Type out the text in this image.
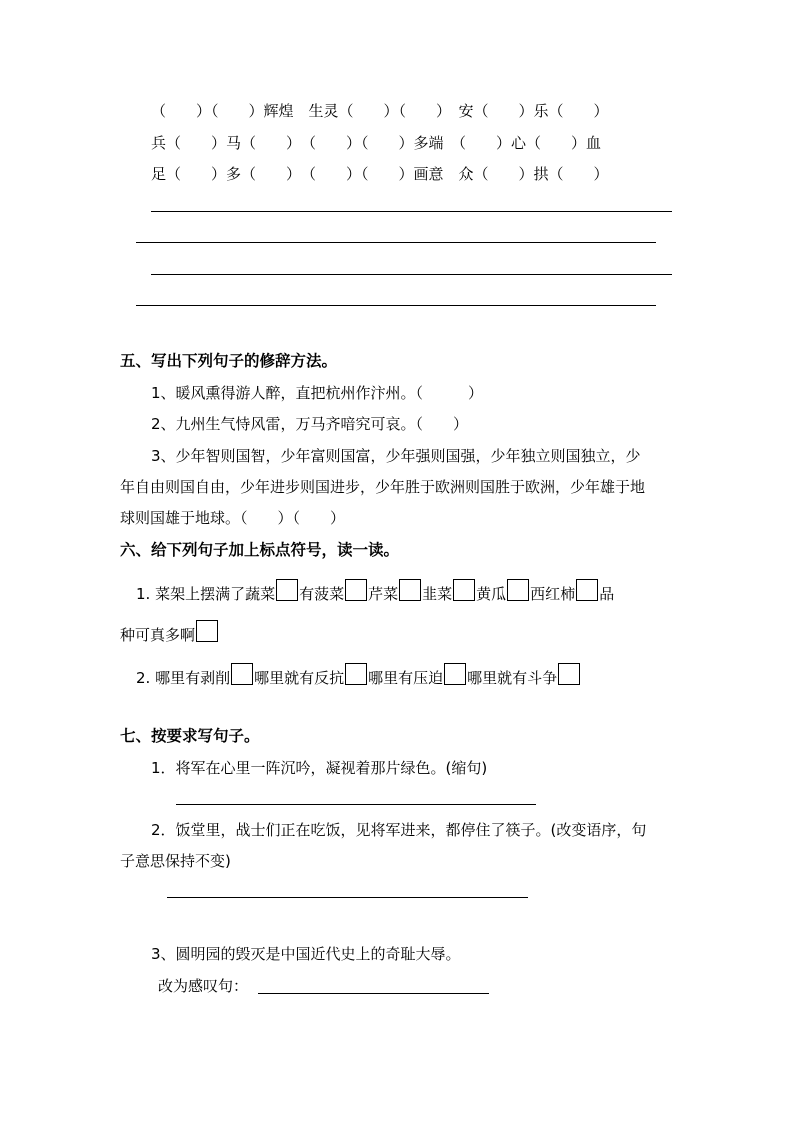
（　　）（　　）辉煌　生灵（　　）（　　）　安（　　）乐（　　）
兵（　　）马（　　）　（　　）（　　）多端　（　　）心（　　）血
足（　　）多（　　）　（　　）（　　）画意　众（　　）拱（　　）
五、写出下列句子的修辞方法。
1、暖风熏得游人醉，直把杭州作汴州。（　　　）
2、九州生气恃风雷，万马齐喑究可哀。（　　）
3、少年智则国智，少年富则国富，少年强则国强，少年独立则国独立，少
年自由则国自由，少年进步则国进步，少年胜于欧洲则国胜于欧洲，少年雄于地
球则国雄于地球。（　　）（　　）
六、给下列句子加上标点符号，读一读。
1. 菜架上摆满了蔬菜 有菠菜 芹菜 韭菜 黄瓜 西红柿 品
种可真多啊
2. 哪里有剥削 哪里就有反抗 哪里有压迫 哪里就有斗争
七、按要求写句子。
1．将军在心里一阵沉吟，凝视着那片绿色。(缩句)
2．饭堂里，战士们正在吃饭，见将军进来，都停住了筷子。(改变语序，句
子意思保持不变)
3、圆明园的毁灭是中国近代史上的奇耻大辱。
改为感叹句：
